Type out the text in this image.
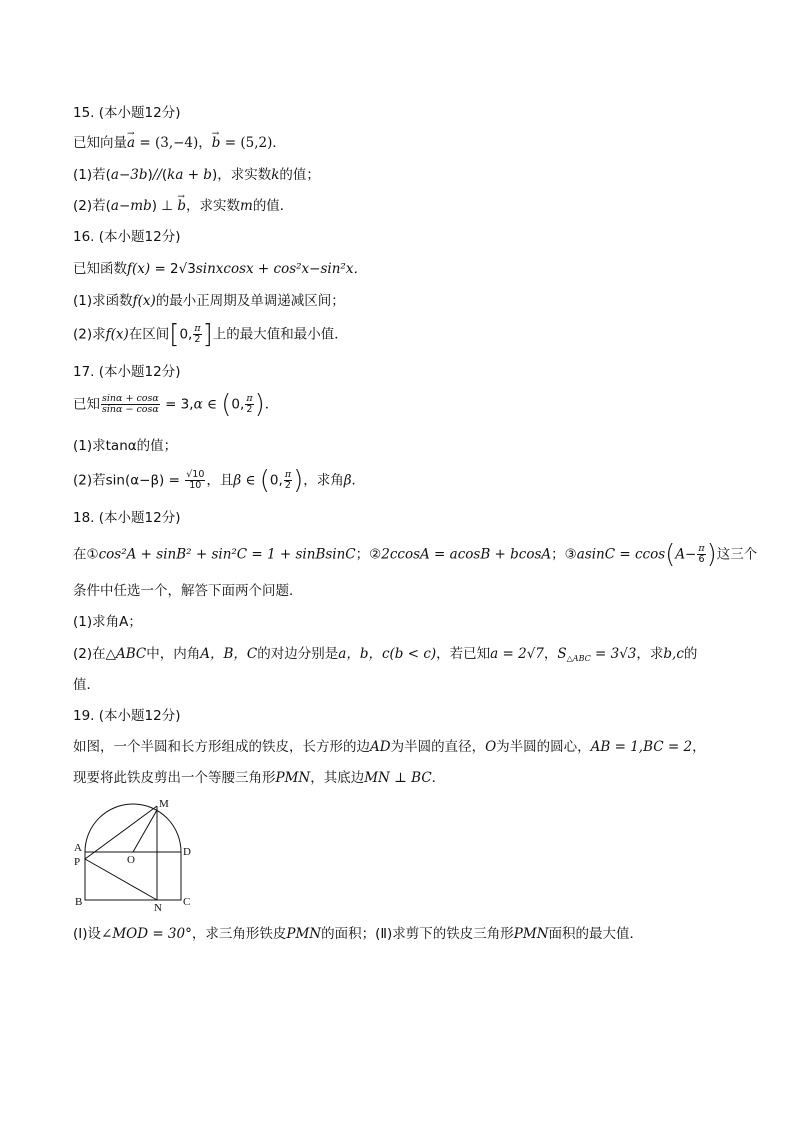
15. (本小题12分)
已知向量→ a = (3,−4)，→ b = (5,2)．
(1)若(a−3b)//(ka + b)，求实数k的值；
(2)若(a−mb) ⊥ → b，求实数m的值．
16. (本小题12分)
已知函数f(x) = 2√3sinxcosx + cos²x−sin²x．
(1)求函数f(x)的最小正周期及单调递减区间；
(2)求f(x)在区间[0, $\frac{\pi}{2}$ ]上的最大值和最小值．
17. (本小题12分)
已知 $\frac{\sin\alpha + \cos\alpha}{\sin\alpha - \cos\alpha} = 3,\alpha$ ∈ (0, $\frac{\pi}{2}$ )．
(1)求tanα的值；
(2)若$\sin(\alpha-\beta) = \frac{√10}{10}$ ，且β ∈ (0, $\frac{\pi}{2}$ )，求角β．
18. (本小题12分)
在①cos²A + sinB² + sin²C = 1 + sinBsinC；②2ccosA = acosB + bcosA；③asinC = $ccos(A- \frac{\pi}{6}$ )这三个
条件中任选一个，解答下面两个问题．
(1)求角A；
(2)在△ABC中，内角A，B，C的对边分别是a，b，c(b < c)，若已知a = 2√7，$S_{\triangle ABC} = 3√3$，求b,c的
值．
19. (本小题12分)
如图，一个半圆和长方形组成的铁皮，长方形的边AD为半圆的直径，O为半圆的圆心，AB = 1,BC = 2，
现要将此铁皮剪出一个等腰三角形PMN，其底边MN ⊥ BC．
M
A
P	O
D
B	N C
(Ⅰ)设∠MOD = 30°，求三角形铁皮PMN的面积；(Ⅱ)求剪下的铁皮三角形PMN面积的最大值．
